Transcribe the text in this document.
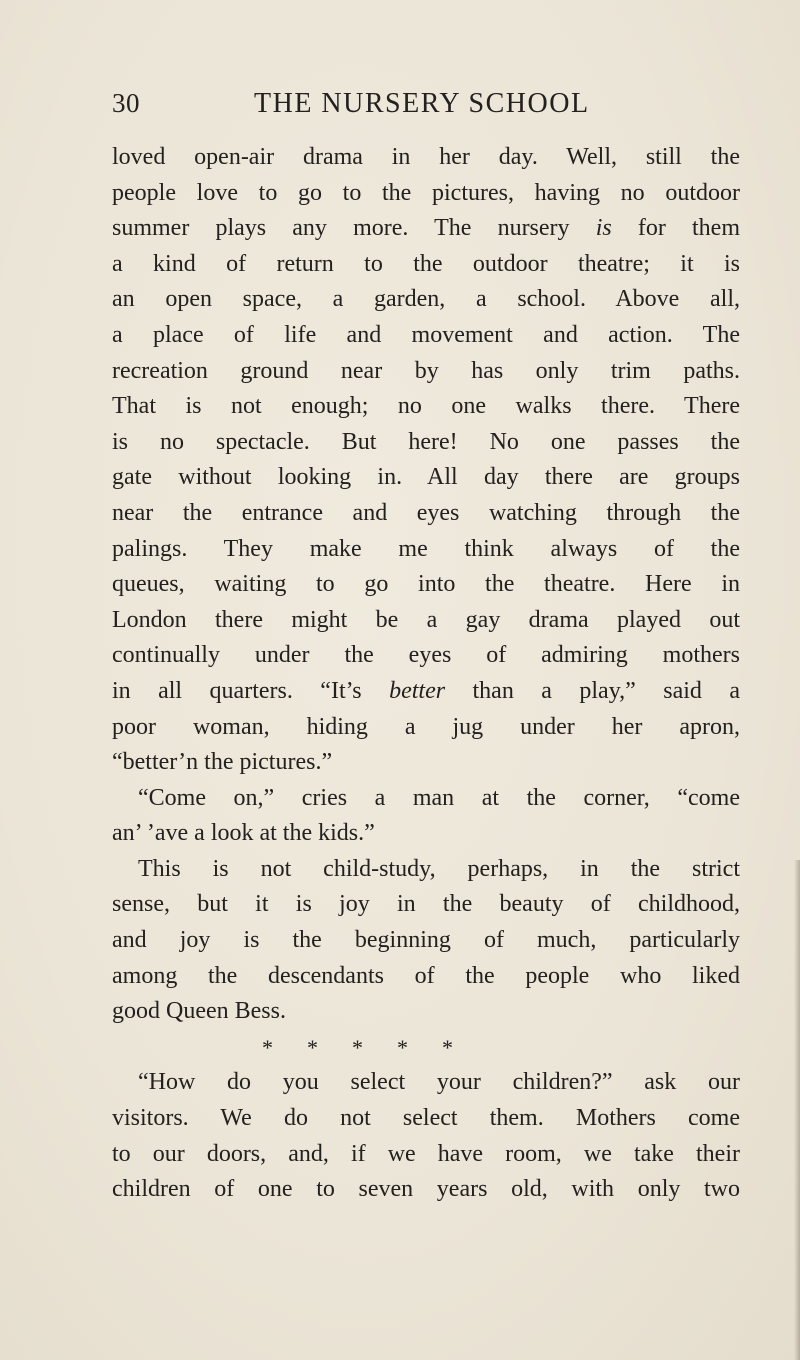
30	THE NURSERY SCHOOL
loved open-air drama in her day. Well, still the
people love to go to the pictures, having no outdoor
summer plays any more. The nursery is for them
a kind of return to the outdoor theatre; it is
an open space, a garden, a school. Above all,
a place of life and movement and action. The
recreation ground near by has only trim paths.
That is not enough; no one walks there. There
is no spectacle. But here! No one passes the
gate without looking in. All day there are groups
near the entrance and eyes watching through the
palings. They make me think always of the
queues, waiting to go into the theatre. Here in
London there might be a gay drama played out
continually under the eyes of admiring mothers
in all quarters. “It’s better than a play,” said a
poor woman, hiding a jug under her apron,
“better’n the pictures.”
“Come on,” cries a man at the corner, “come
an’ ’ave a look at the kids.”
This is not child-study, perhaps, in the strict
sense, but it is joy in the beauty of childhood,
and joy is the beginning of much, particularly
among the descendants of the people who liked
good Queen Bess.
* * * * *
“How do you select your children?” ask our
visitors. We do not select them. Mothers come
to our doors, and, if we have room, we take their
children of one to seven years old, with only two
